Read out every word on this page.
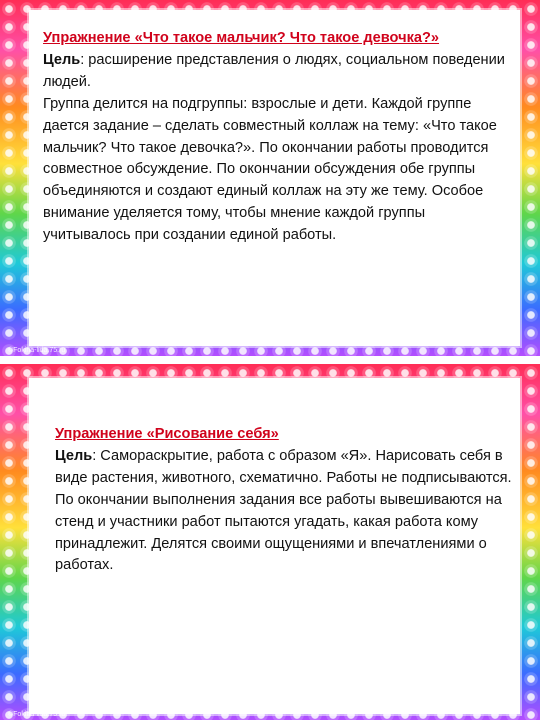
Упражнение «Что такое мальчик? Что такое девочка?»
Цель: расширение представления о людях, социальном поведении людей.
Группа делится на подгруппы: взрослые и дети. Каждой группе дается задание – сделать совместный коллаж на тему: «Что такое мальчик? Что такое девочка?». По окончании работы проводится совместное обсуждение. По окончании обсуждения обе группы объединяются и создают единый коллаж на эту же тему. Особое внимание уделяется тому, чтобы мнение каждой группы учитывалось при создании единой работы.
©Fokina-lida.75.ru
Упражнение «Рисование себя»
Цель: Самораскрытие, работа с образом «Я». Нарисовать себя в виде растения, животного, схематично. Работы не подписываются. По окончании выполнения задания все работы вывешиваются на стенд и участники работ пытаются угадать, какая работа кому принадлежит. Делятся своими ощущениями и впечатлениями о работах.
©Fokina-lida.75.ru
